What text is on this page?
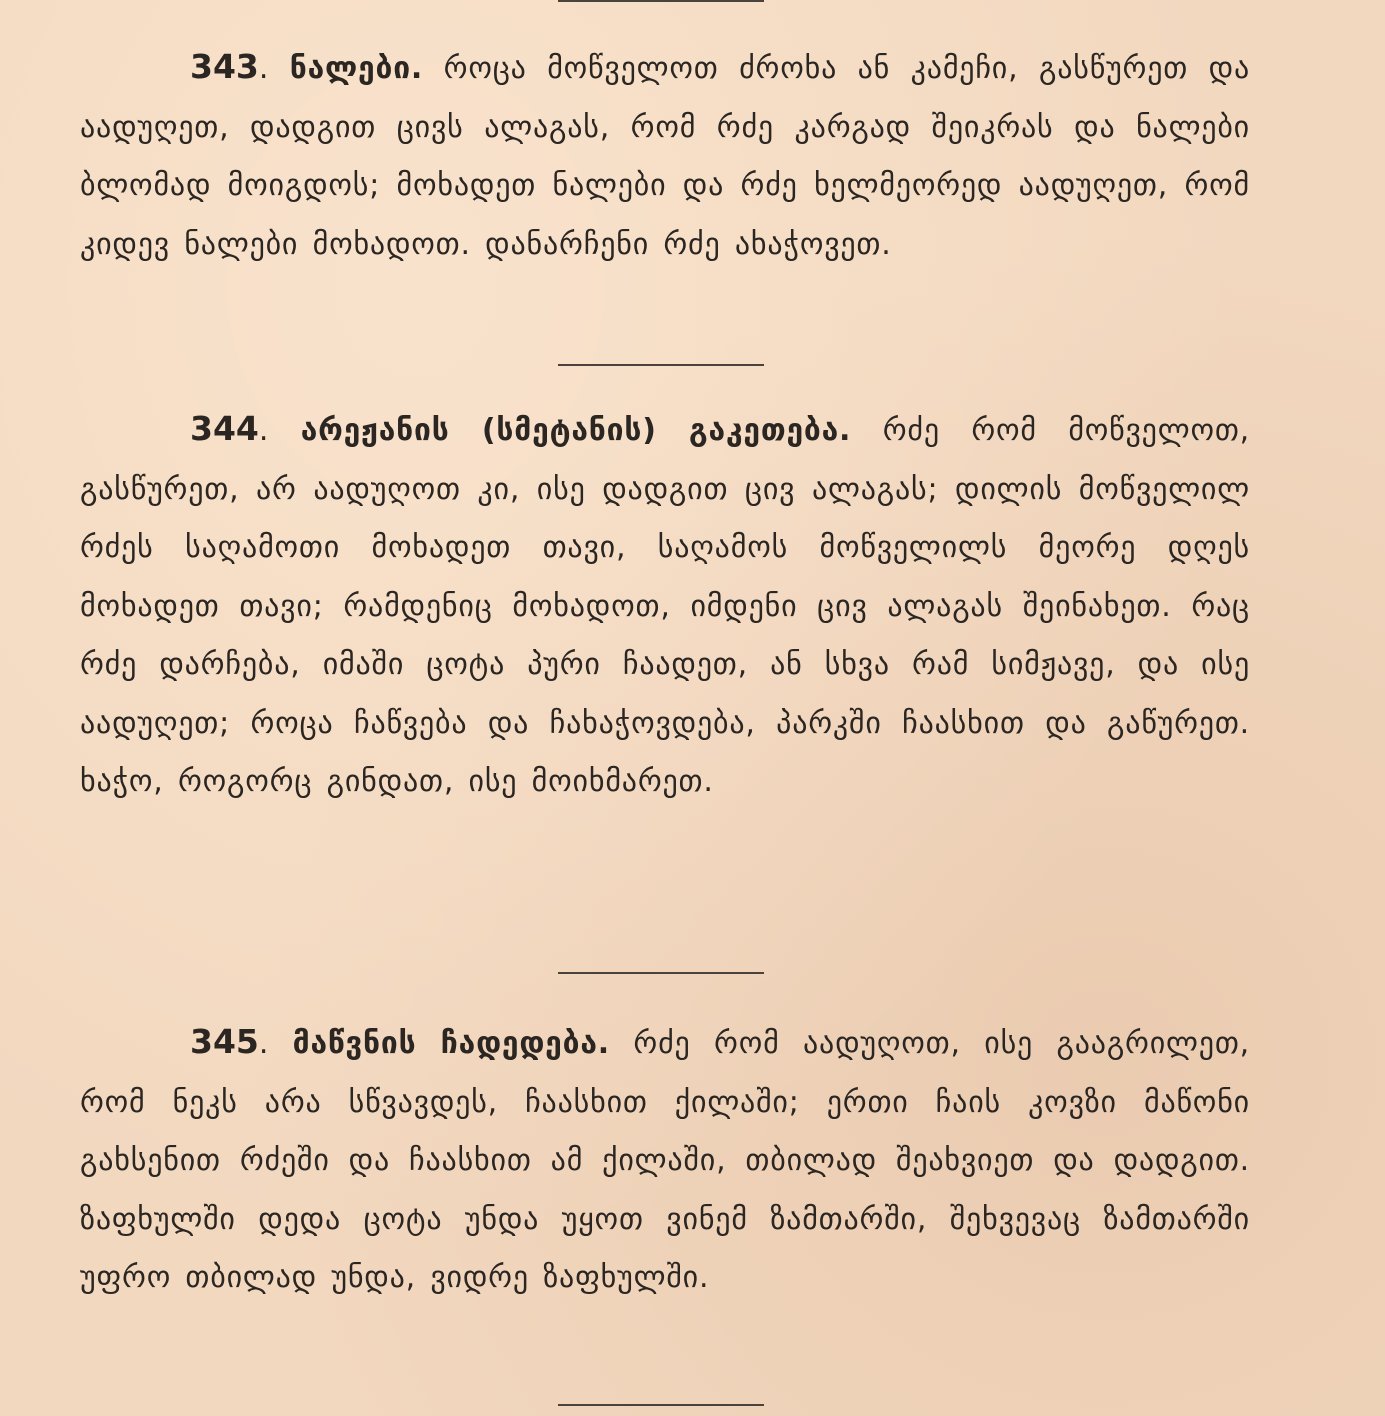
343. ნალები. როცა მოწველოთ ძროხა ან კამეჩი, გასწურეთ და აადუღეთ, დადგით ცივს ალაგას, რომ რძე კარგად შეიკრას და ნალები ბლომად მოიგდოს; მოხადეთ ნალები და რძე ხელმეორედ აადუღეთ, რომ კიდევ ნალები მოხადოთ. დანარჩენი რძე ახაჭოვეთ.

344. არეჟანის (სმეტანის) გაკეთება. რძე რომ მოწველოთ, გასწურეთ, არ აადუღოთ კი, ისე დადგით ცივ ალაგას; დილის მოწველილ რძეს საღამოთი მოხადეთ თავი, საღამოს მოწველილს მეორე დღეს მოხადეთ თავი; რამდენიც მოხადოთ, იმდენი ცივ ალაგას შეინახეთ. რაც რძე დარჩება, იმაში ცოტა პური ჩაადეთ, ან სხვა რამ სიმჟავე, და ისე აადუღეთ; როცა ჩაწვება და ჩახაჭოვდება, პარკში ჩაასხით და გაწურეთ. ხაჭო, როგორც გინდათ, ისე მოიხმარეთ.

345. მაწვნის ჩადედება. რძე რომ აადუღოთ, ისე გააგრილეთ, რომ ნეკს არა სწვავდეს, ჩაასხით ქილაში; ერთი ჩაის კოვზი მაწონი გახსენით რძეში და ჩაასხით ამ ქილაში, თბილად შეახვიეთ და დადგით. ზაფხულში დედა ცოტა უნდა უყოთ ვინემ ზამთარში, შეხვევაც ზამთარში უფრო თბილად უნდა, ვიდრე ზაფხულში.
